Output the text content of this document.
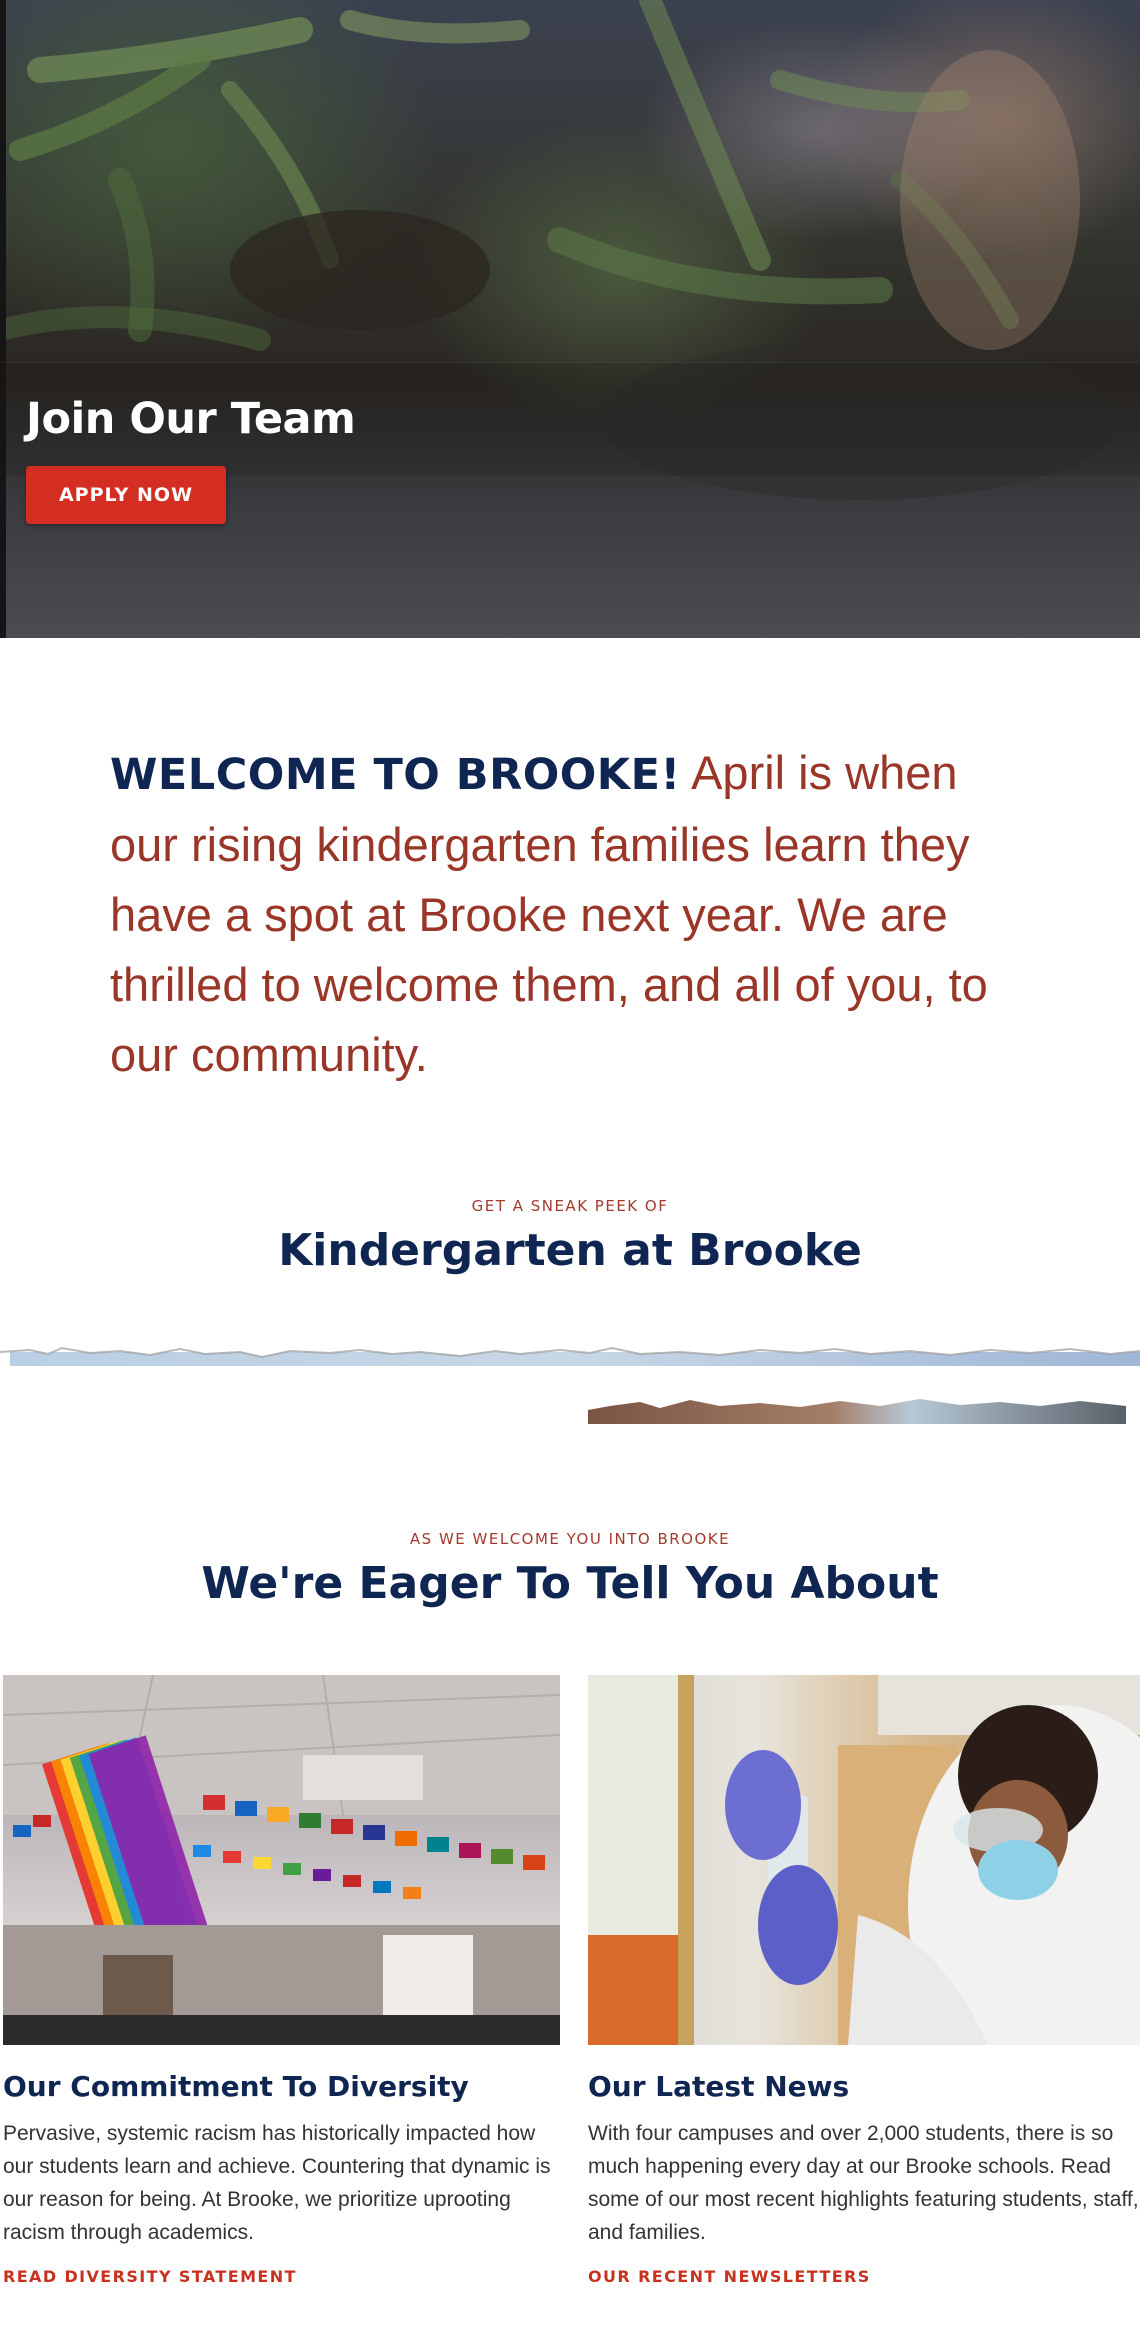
Join Our Team
APPLY NOW

WELCOME TO BROOKE! April is when our rising kindergarten families learn they have a spot at Brooke next year. We are thrilled to welcome them, and all of you, to our community.

GET A SNEAK PEEK OF
Kindergarten at Brooke
AS WE WELCOME YOU INTO BROOKE
We're Eager To Tell You About
Our Commitment To Diversity

Pervasive, systemic racism has historically impacted how our students learn and achieve. Countering that dynamic is our reason for being. At Brooke, we prioritize uprooting racism through academics.

READ DIVERSITY STATEMENT
Our Latest News

With four campuses and over 2,000 students, there is so much happening every day at our Brooke schools. Read some of our most recent highlights featuring students, staff, and families.

OUR RECENT NEWSLETTERS
